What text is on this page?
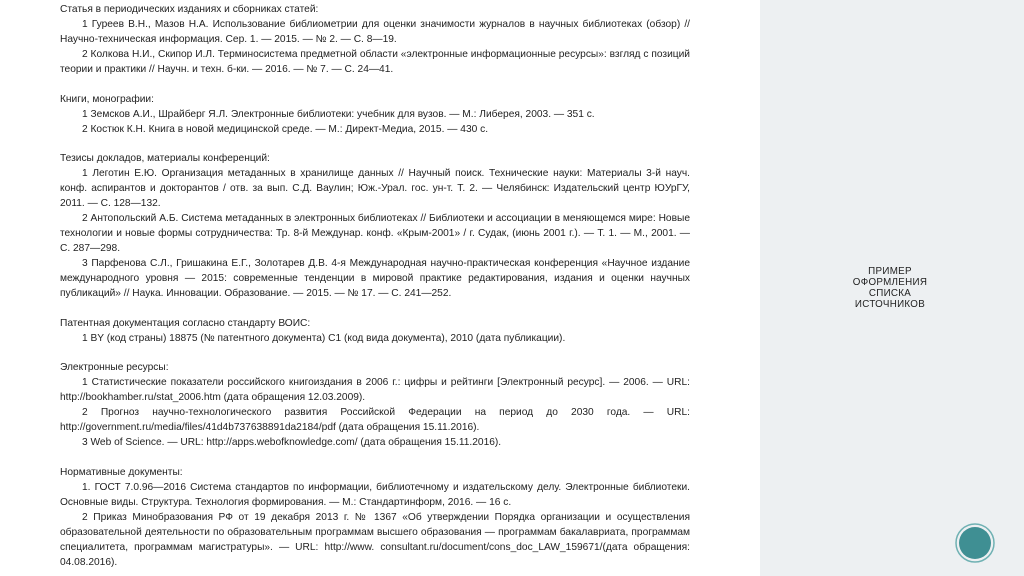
Статья в периодических изданиях и сборниках статей:
1 Гуреев В.Н., Мазов Н.А. Использование библиометрии для оценки значимости журналов в научных библиотеках (обзор) // Научно-техническая информация. Сер. 1. — 2015. — № 2. — С. 8—19.
2 Колкова Н.И., Скипор И.Л. Терминосистема предметной области «электронные информационные ресурсы»: взгляд с позиций теории и практики // Научн. и техн. б-ки. — 2016. — № 7. — С. 24—41.
Книги, монографии:
1 Земсков А.И., Шрайберг Я.Л. Электронные библиотеки: учебник для вузов. — М.: Либерея, 2003. — 351 с.
2 Костюк К.Н. Книга в новой медицинской среде. — М.: Директ-Медиа, 2015. — 430 с.
Тезисы докладов, материалы конференций:
1 Леготин Е.Ю. Организация метаданных в хранилище данных // Научный поиск. Технические науки: Материалы 3-й науч. конф. аспирантов и докторантов / отв. за вып. С.Д. Ваулин; Юж.-Урал. гос. ун-т. Т. 2. — Челябинск: Издательский центр ЮУрГУ, 2011. — С. 128—132.
2 Антопольский А.Б. Система метаданных в электронных библиотеках // Библиотеки и ассоциации в меняющемся мире: Новые технологии и новые формы сотрудничества: Тр. 8-й Междунар. конф. «Крым-2001» / г. Судак, (июнь 2001 г.). — Т. 1. — М., 2001. — С. 287—298.
3 Парфенова С.Л., Гришакина Е.Г., Золотарев Д.В. 4-я Международная научно-практическая конференция «Научное издание международного уровня — 2015: современные тенденции в мировой практике редактирования, издания и оценки научных публикаций» // Наука. Инновации. Образование. — 2015. — № 17. — С. 241—252.
Патентная документация согласно стандарту ВОИС:
1 BY (код страны) 18875 (№ патентного документа) C1 (код вида документа), 2010 (дата публикации).
Электронные ресурсы:
1 Статистические показатели российского книгоиздания в 2006 г.: цифры и рейтинги [Электронный ресурс]. — 2006. — URL: http://bookhamber.ru/stat_2006.htm (дата обращения 12.03.2009).
2 Прогноз научно-технологического развития Российской Федерации на период до 2030 года. — URL: http://government.ru/media/files/41d4b737638891da2184/pdf (дата обращения 15.11.2016).
3 Web of Science. — URL: http://apps.webofknowledge.com/ (дата обращения 15.11.2016).
Нормативные документы:
1. ГОСТ 7.0.96—2016 Система стандартов по информации, библиотечному и издательскому делу. Электронные библиотеки. Основные виды. Структура. Технология формирования. — М.: Стандартинформ, 2016. — 16 с.
2 Приказ Минобразования РФ от 19 декабря 2013 г. № 1367 «Об утверждении Порядка организации и осуществления образовательной деятельности по образовательным программам высшего образования — программам бакалавриата, программам специалитета, программам магистратуры». — URL: http://www. consultant.ru/document/cons_doc_LAW_159671/(дата обращения: 04.08.2016).
ПРИМЕР
ОФОРМЛЕНИЯ
СПИСКА
ИСТОЧНИКОВ
